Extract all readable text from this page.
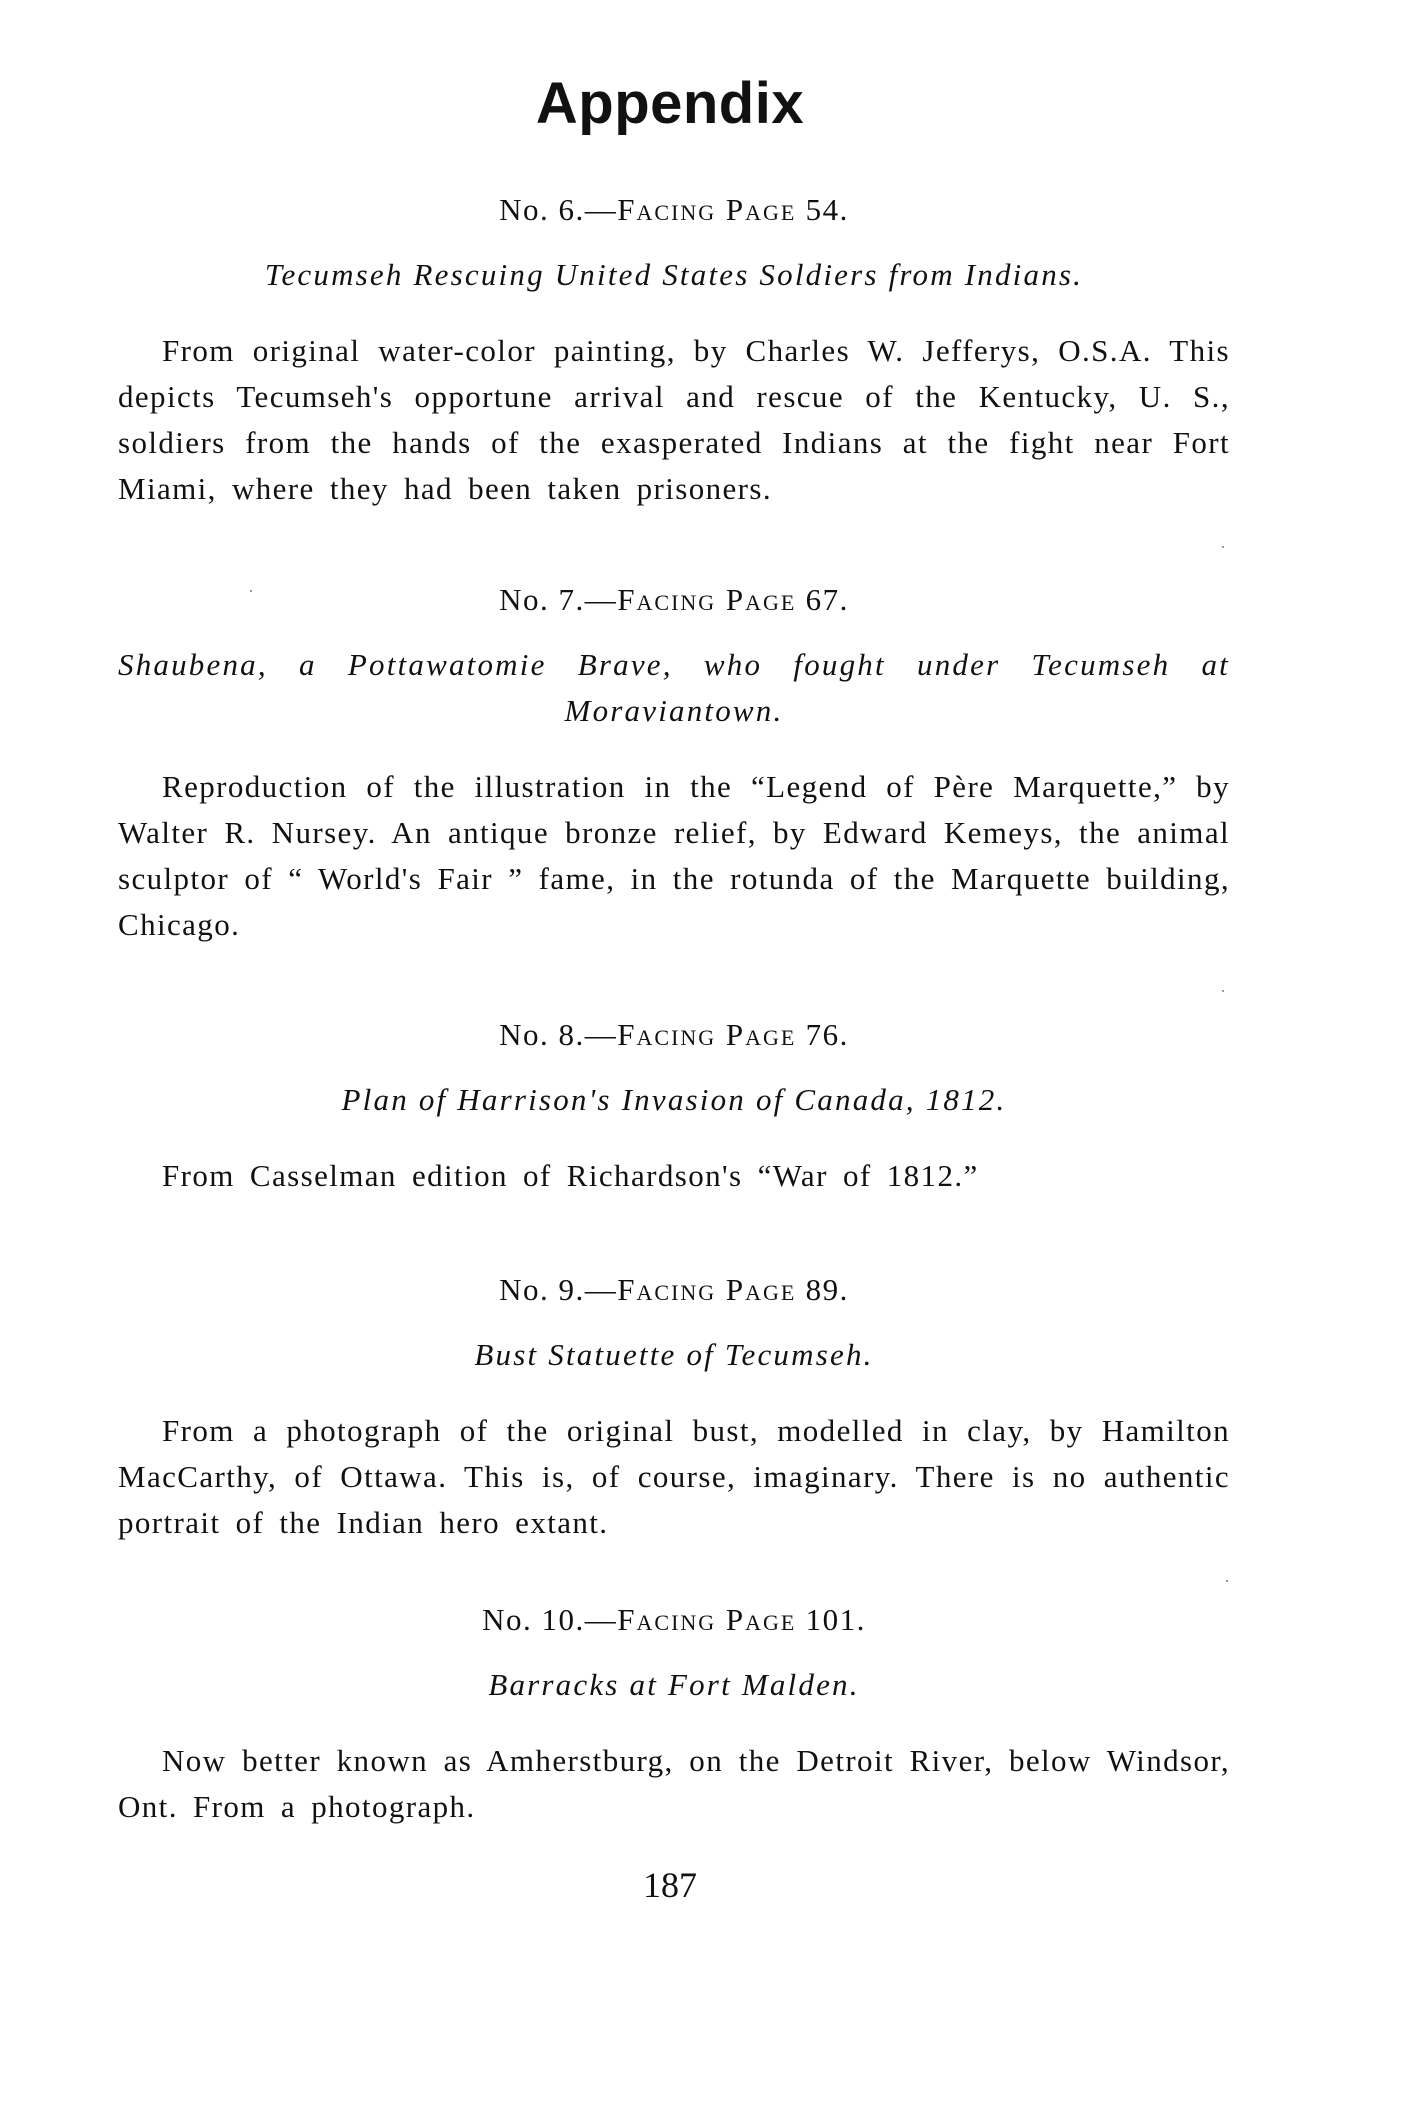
Appendix

No. 6.—Facing Page 54.

Tecumseh Rescuing United States Soldiers from Indians.

From original water-color painting, by Charles W. Jefferys, O.S.A. This depicts Tecumseh's opportune arrival and rescue of the Kentucky, U. S., soldiers from the hands of the exasperated Indians at the fight near Fort Miami, where they had been taken prisoners.

No. 7.—Facing Page 67.

Shaubena, a Pottawatomie Brave, who fought under Tecumseh at Moraviantown.

Reproduction of the illustration in the “Legend of Père Marquette,” by Walter R. Nursey. An antique bronze relief, by Edward Kemeys, the animal sculptor of “ World's Fair ” fame, in the rotunda of the Marquette building, Chicago.

No. 8.—Facing Page 76.

Plan of Harrison's Invasion of Canada, 1812.

From Casselman edition of Richardson's “War of 1812.”

No. 9.—Facing Page 89.

Bust Statuette of Tecumseh.

From a photograph of the original bust, modelled in clay, by Hamilton MacCarthy, of Ottawa. This is, of course, imaginary. There is no authentic portrait of the Indian hero extant.

No. 10.—Facing Page 101.

Barracks at Fort Malden.

Now better known as Amherstburg, on the Detroit River, below Windsor, Ont. From a photograph.

187
